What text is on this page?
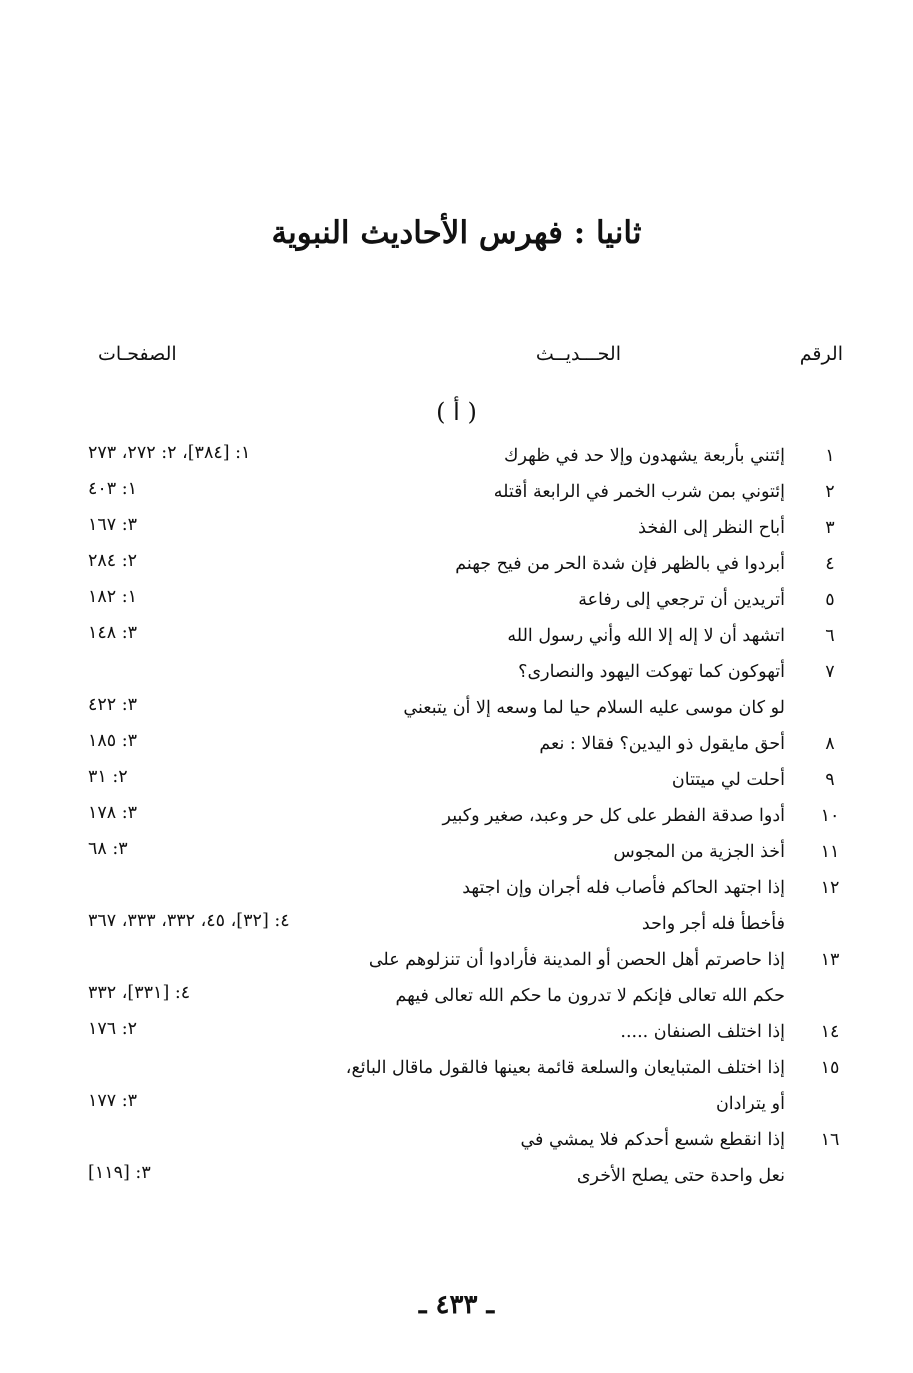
ثانيا : فهرس الأحاديث النبوية
الرقم
الحـــديــث
الصفحـات
( أ )
١
إئتني بأربعة يشهدون وإلا حد في ظهرك
١: [٣٨٤]، ٢: ٢٧٢، ٢٧٣
٢
إئتوني بمن شرب الخمر في الرابعة أقتله
١: ٤٠٣
٣
أباح النظر إلى الفخذ
٣: ١٦٧
٤
أبردوا في بالظهر فإن شدة الحر من فيح جهنم
٢: ٢٨٤
٥
أتريدين أن ترجعي إلى رفاعة
١: ١٨٢
٦
اتشهد أن لا إله إلا الله وأني رسول الله
٣: ١٤٨
٧
أتهوكون كما تهوكت اليهود والنصارى؟
لو كان موسى عليه السلام حيا لما وسعه إلا أن يتبعني
٣: ٤٢٢
٨
أحق مايقول ذو اليدين؟ فقالا : نعم
٣: ١٨٥
٩
أحلت لي ميتتان
٢: ٣١
١٠
أدوا صدقة الفطر على كل حر وعبد، صغير وكبير
٣: ١٧٨
١١
أخذ الجزية من المجوس
٣: ٦٨
١٢
إذا اجتهد الحاكم فأصاب فله أجران وإن اجتهد
فأخطأ فله أجر واحد
٤: [٣٢]، ٤٥، ٣٣٢، ٣٣٣، ٣٦٧
١٣
إذا حاصرتم أهل الحصن أو المدينة فأرادوا أن تنزلوهم على
حكم الله تعالى فإنكم لا تدرون ما حكم الله تعالى فيهم
٤: [٣٣١]، ٣٣٢
١٤
إذا اختلف الصنفان .....
٢: ١٧٦
١٥
إذا اختلف المتبايعان والسلعة قائمة بعينها فالقول ماقال البائع،
أو يترادان
٣: ١٧٧
١٦
إذا انقطع شسع أحدكم فلا يمشي في
نعل واحدة حتى يصلح الأخرى
٣: [١١٩]
ـ ٤٣٣ ـ
